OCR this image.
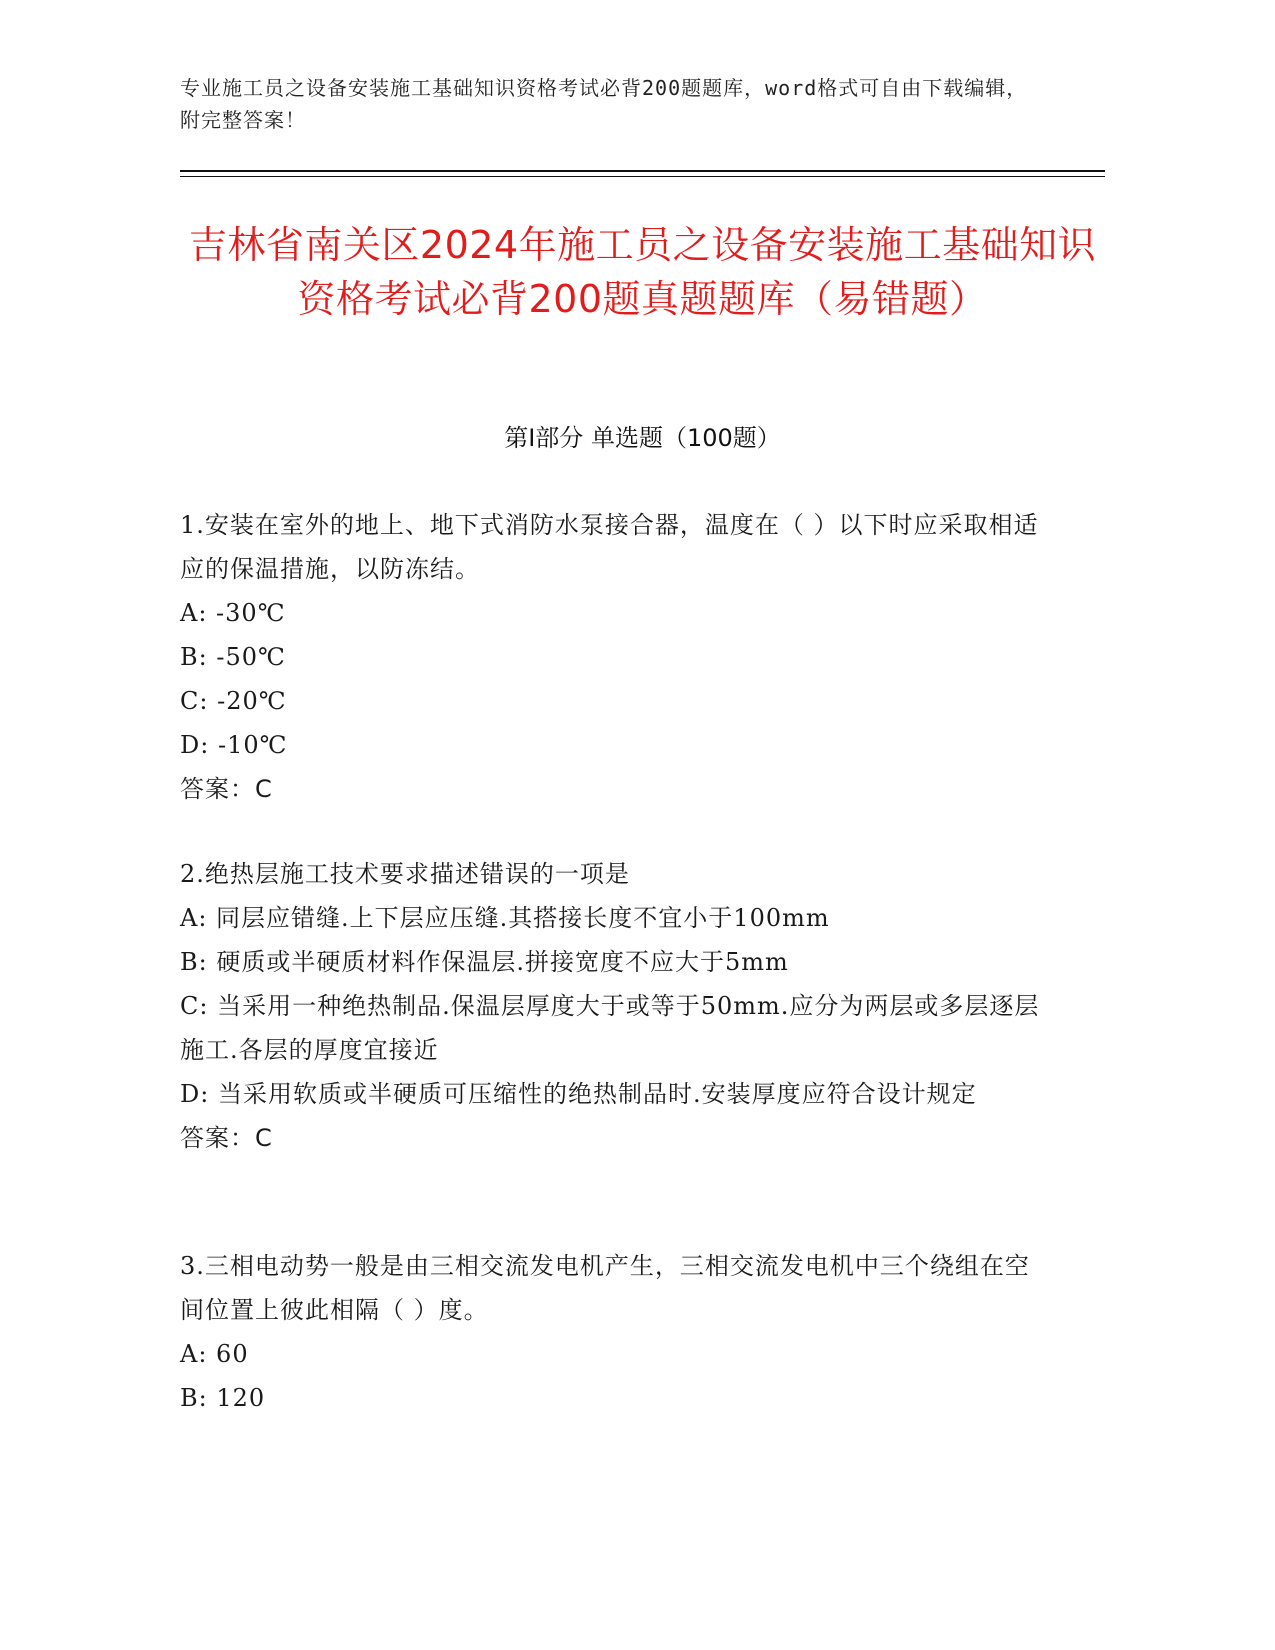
专业施工员之设备安装施工基础知识资格考试必背200题题库，word格式可自由下载编辑，附完整答案！
吉林省南关区2024年施工员之设备安装施工基础知识资格考试必背200题真题题库（易错题）
第Ⅰ部分 单选题（100题）

1.安装在室外的地上、地下式消防水泵接合器，温度在（ ）以下时应采取相适应的保温措施，以防冻结。

A: -30℃

B: -50℃

C: -20℃

D: -10℃

答案：C

2.绝热层施工技术要求描述错误的一项是

A: 同层应错缝.上下层应压缝.其搭接长度不宜小于100mm

B: 硬质或半硬质材料作保温层.拼接宽度不应大于5mm

C: 当采用一种绝热制品.保温层厚度大于或等于50mm.应分为两层或多层逐层施工.各层的厚度宜接近

D: 当采用软质或半硬质可压缩性的绝热制品时.安装厚度应符合设计规定

答案：C

3.三相电动势一般是由三相交流发电机产生，三相交流发电机中三个绕组在空间位置上彼此相隔（ ）度。

A: 60

B: 120
